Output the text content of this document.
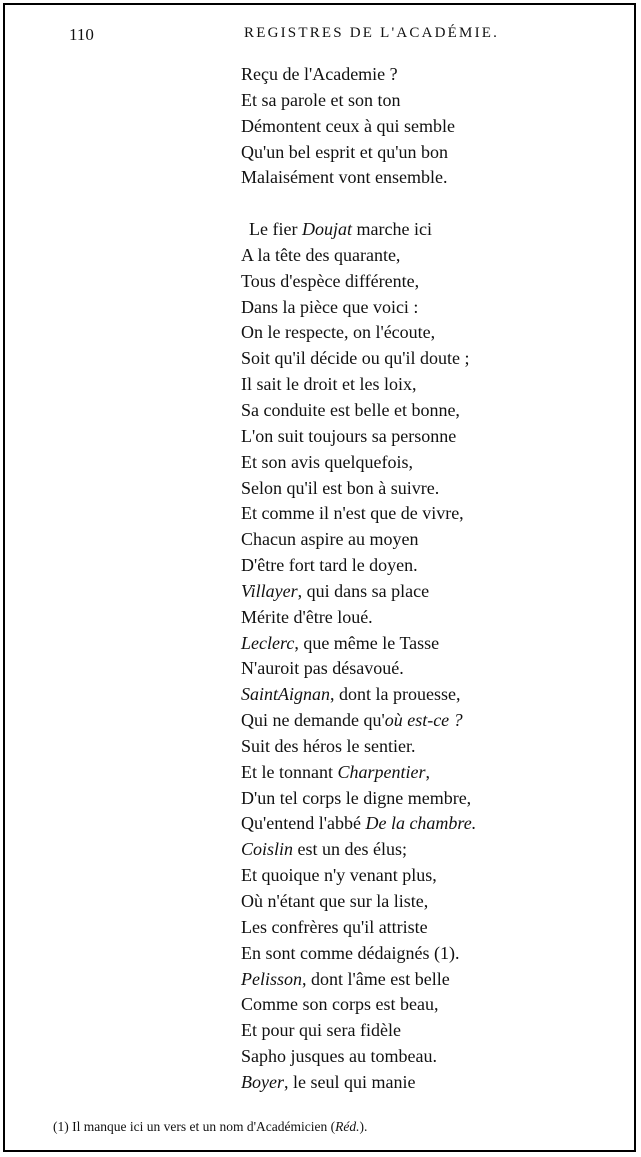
110	REGISTRES DE L'ACADÉMIE.
Reçu de l'Academie ?
Et sa parole et son ton
Démontent ceux à qui semble
Qu'un bel esprit et qu'un bon
Malaisément vont ensemble.
Le fier Doujat marche ici
A la tête des quarante,
Tous d'espèce différente,
Dans la pièce que voici :
On le respecte, on l'écoute,
Soit qu'il décide ou qu'il doute ;
Il sait le droit et les loix,
Sa conduite est belle et bonne,
L'on suit toujours sa personne
Et son avis quelquefois,
Selon qu'il est bon à suivre.
Et comme il n'est que de vivre,
Chacun aspire au moyen
D'être fort tard le doyen.
Villayer, qui dans sa place
Mérite d'être loué.
Leclerc, que même le Tasse
N'auroit pas désavoué.
SaintAignan, dont la prouesse,
Qui ne demande qu'où est-ce ?
Suit des héros le sentier.
Et le tonnant Charpentier,
D'un tel corps le digne membre,
Qu'entend l'abbé De la chambre.
Coislin est un des élus;
Et quoique n'y venant plus,
Où n'étant que sur la liste,
Les confrères qu'il attriste
En sont comme dédaignés (1).
Pelisson, dont l'âme est belle
Comme son corps est beau,
Et pour qui sera fidèle
Sapho jusques au tombeau.
Boyer, le seul qui manie
(1) Il manque ici un vers et un nom d'Académicien (Réd.).
